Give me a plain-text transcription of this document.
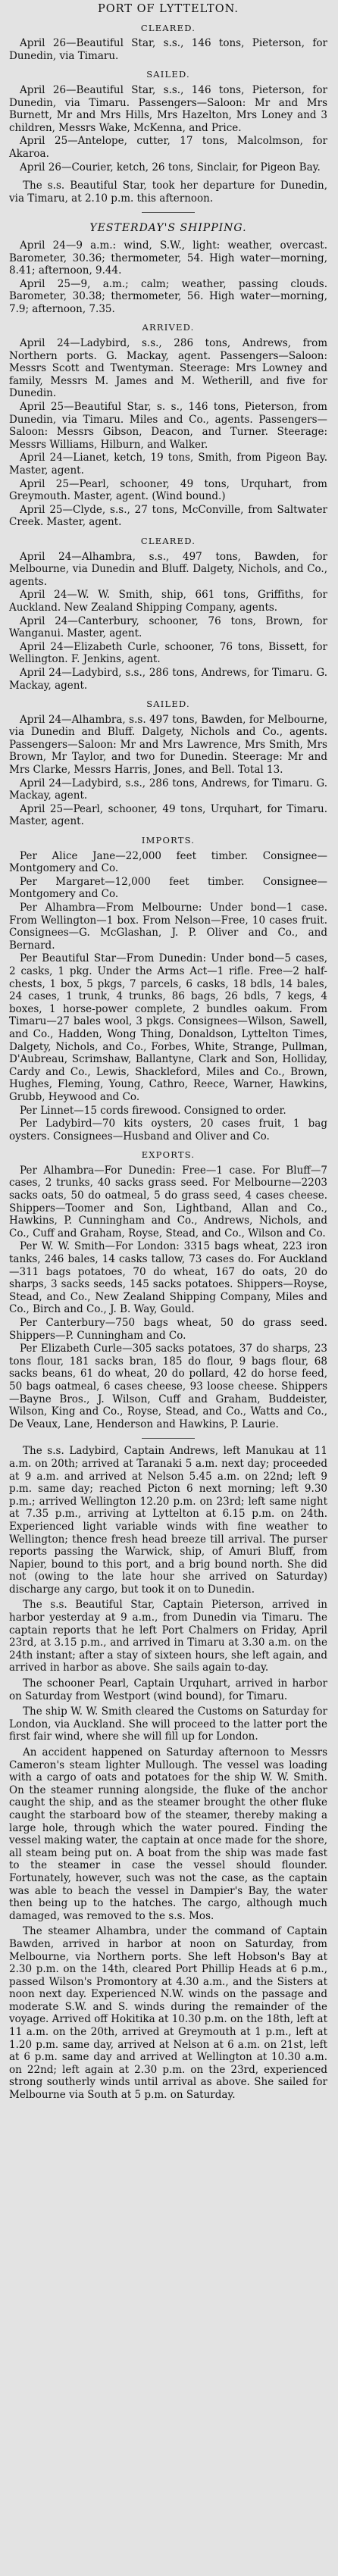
PORT OF LYTTELTON.
CLEARED.

April 26—Beautiful Star, s.s., 146 tons, Pieterson, for Dunedin, via Timaru.

SAILED.

April 26—Beautiful Star, s.s., 146 tons, Pieterson, for Dunedin, via Timaru. Passengers—Saloon: Mr and Mrs Burnett, Mr and Mrs Hills, Mrs Hazelton, Mrs Loney and 3 children, Messrs Wake, McKenna, and Price.

April 25—Antelope, cutter, 17 tons, Malcolmson, for Akaroa.

April 26—Courier, ketch, 26 tons, Sinclair, for Pigeon Bay.

The s.s. Beautiful Star, took her departure for Dunedin, via Timaru, at 2.10 p.m. this afternoon.

YESTERDAY'S SHIPPING.

April 24—9 a.m.: wind, S.W., light: weather, overcast. Barometer, 30.36; thermometer, 54. High water—morning, 8.41; afternoon, 9.44.

April 25—9, a.m.; calm; weather, passing clouds. Barometer, 30.38; thermometer, 56. High water—morning, 7.9; afternoon, 7.35.

ARRIVED.

April 24—Ladybird, s.s., 286 tons, Andrews, from Northern ports. G. Mackay, agent. Passengers—Saloon: Messrs Scott and Twentyman. Steerage: Mrs Lowney and family, Messrs M. James and M. Wetherill, and five for Dunedin.

April 25—Beautiful Star, s. s., 146 tons, Pieterson, from Dunedin, via Timaru. Miles and Co., agents. Passengers—Saloon: Messrs Gibson, Deacon, and Turner. Steerage: Messrs Williams, Hilburn, and Walker.

April 24—Lianet, ketch, 19 tons, Smith, from Pigeon Bay. Master, agent.

April 25—Pearl, schooner, 49 tons, Urquhart, from Greymouth. Master, agent. (Wind bound.)

April 25—Clyde, s.s., 27 tons, McConville, from Saltwater Creek. Master, agent.

CLEARED.

April 24—Alhambra, s.s., 497 tons, Bawden, for Melbourne, via Dunedin and Bluff. Dalgety, Nichols, and Co., agents.

April 24—W. W. Smith, ship, 661 tons, Griffiths, for Auckland. New Zealand Shipping Company, agents.

April 24—Canterbury, schooner, 76 tons, Brown, for Wanganui. Master, agent.

April 24—Elizabeth Curle, schooner, 76 tons, Bissett, for Wellington. F. Jenkins, agent.

April 24—Ladybird, s.s., 286 tons, Andrews, for Timaru. G. Mackay, agent.

SAILED.

April 24—Alhambra, s.s. 497 tons, Bawden, for Melbourne, via Dunedin and Bluff. Dalgety, Nichols and Co., agents. Passengers—Saloon: Mr and Mrs Lawrence, Mrs Smith, Mrs Brown, Mr Taylor, and two for Dunedin. Steerage: Mr and Mrs Clarke, Messrs Harris, Jones, and Bell. Total 13.

April 24—Ladybird, s.s., 286 tons, Andrews, for Timaru. G. Mackay, agent.

April 25—Pearl, schooner, 49 tons, Urquhart, for Timaru. Master, agent.

IMPORTS.

Per Alice Jane—22,000 feet timber. Consignee—Montgomery and Co.

Per Margaret—12,000 feet timber. Consignee—Montgomery and Co.

Per Alhambra—From Melbourne: Under bond—1 case. From Wellington—1 box. From Nelson—Free, 10 cases fruit. Consignees—G. McGlashan, J. P. Oliver and Co., and Bernard.

Per Beautiful Star—From Dunedin: Under bond—5 cases, 2 casks, 1 pkg. Under the Arms Act—1 rifle. Free—2 half-chests, 1 box, 5 pkgs, 7 parcels, 6 casks, 18 bdls, 14 bales, 24 cases, 1 trunk, 4 trunks, 86 bags, 26 bdls, 7 kegs, 4 boxes, 1 horse-power complete, 2 bundles oakum. From Timaru—27 bales wool, 3 pkgs. Consignees—Wilson, Sawell, and Co., Hadden, Wong Thing, Donaldson, Lyttelton Times, Dalgety, Nichols, and Co., Forbes, White, Strange, Pullman, D'Aubreau, Scrimshaw, Ballantyne, Clark and Son, Holliday, Cardy and Co., Lewis, Shackleford, Miles and Co., Brown, Hughes, Fleming, Young, Cathro, Reece, Warner, Hawkins, Grubb, Heywood and Co.

Per Linnet—15 cords firewood. Consigned to order.

Per Ladybird—70 kits oysters, 20 cases fruit, 1 bag oysters. Consignees—Husband and Oliver and Co.

EXPORTS.

Per Alhambra—For Dunedin: Free—1 case. For Bluff—7 cases, 2 trunks, 40 sacks grass seed. For Melbourne—2203 sacks oats, 50 do oatmeal, 5 do grass seed, 4 cases cheese. Shippers—Toomer and Son, Lightband, Allan and Co., Hawkins, P. Cunningham and Co., Andrews, Nichols, and Co., Cuff and Graham, Royse, Stead, and Co., Wilson and Co.

Per W. W. Smith—For London: 3315 bags wheat, 223 iron tanks, 246 bales, 14 casks tallow, 73 cases do. For Auckland—311 bags potatoes, 70 do wheat, 167 do oats, 20 do sharps, 3 sacks seeds, 145 sacks potatoes. Shippers—Royse, Stead, and Co., New Zealand Shipping Company, Miles and Co., Birch and Co., J. B. Way, Gould.

Per Canterbury—750 bags wheat, 50 do grass seed. Shippers—P. Cunningham and Co.

Per Elizabeth Curle—305 sacks potatoes, 37 do sharps, 23 tons flour, 181 sacks bran, 185 do flour, 9 bags flour, 68 sacks beans, 61 do wheat, 20 do pollard, 42 do horse feed, 50 bags oatmeal, 6 cases cheese, 93 loose cheese. Shippers—Bayne Bros., J. Wilson, Cuff and Graham, Buddeister, Wilson, King and Co., Royse, Stead, and Co., Watts and Co., De Veaux, Lane, Henderson and Hawkins, P. Laurie.

The s.s. Ladybird, Captain Andrews, left Manukau at 11 a.m. on 20th; arrived at Taranaki 5 a.m. next day; proceeded at 9 a.m. and arrived at Nelson 5.45 a.m. on 22nd; left 9 p.m. same day; reached Picton 6 next morning; left 9.30 p.m.; arrived Wellington 12.20 p.m. on 23rd; left same night at 7.35 p.m., arriving at Lyttelton at 6.15 p.m. on 24th. Experienced light variable winds with fine weather to Wellington; thence fresh head breeze till arrival. The purser reports passing the Warwick, ship, of Amuri Bluff, from Napier, bound to this port, and a brig bound north. She did not (owing to the late hour she arrived on Saturday) discharge any cargo, but took it on to Dunedin.

The s.s. Beautiful Star, Captain Pieterson, arrived in harbor yesterday at 9 a.m., from Dunedin via Timaru. The captain reports that he left Port Chalmers on Friday, April 23rd, at 3.15 p.m., and arrived in Timaru at 3.30 a.m. on the 24th instant; after a stay of sixteen hours, she left again, and arrived in harbor as above. She sails again to-day.

The schooner Pearl, Captain Urquhart, arrived in harbor on Saturday from Westport (wind bound), for Timaru.

The ship W. W. Smith cleared the Customs on Saturday for London, via Auckland. She will proceed to the latter port the first fair wind, where she will fill up for London.

An accident happened on Saturday afternoon to Messrs Cameron's steam lighter Mullough. The vessel was loading with a cargo of oats and potatoes for the ship W. W. Smith. On the steamer running alongside, the fluke of the anchor caught the ship, and as the steamer brought the other fluke caught the starboard bow of the steamer, thereby making a large hole, through which the water poured. Finding the vessel making water, the captain at once made for the shore, all steam being put on. A boat from the ship was made fast to the steamer in case the vessel should flounder. Fortunately, however, such was not the case, as the captain was able to beach the vessel in Dampier's Bay, the water then being up to the hatches. The cargo, although much damaged, was removed to the s.s. Mos.

The steamer Alhambra, under the command of Captain Bawden, arrived in harbor at noon on Saturday, from Melbourne, via Northern ports. She left Hobson's Bay at 2.30 p.m. on the 14th, cleared Port Phillip Heads at 6 p.m., passed Wilson's Promontory at 4.30 a.m., and the Sisters at noon next day. Experienced N.W. winds on the passage and moderate S.W. and S. winds during the remainder of the voyage. Arrived off Hokitika at 10.30 p.m. on the 18th, left at 11 a.m. on the 20th, arrived at Greymouth at 1 p.m., left at 1.20 p.m. same day, arrived at Nelson at 6 a.m. on 21st, left at 6 p.m. same day and arrived at Wellington at 10.30 a.m. on 22nd; left again at 2.30 p.m. on the 23rd, experienced strong southerly winds until arrival as above. She sailed for Melbourne via South at 5 p.m. on Saturday.
